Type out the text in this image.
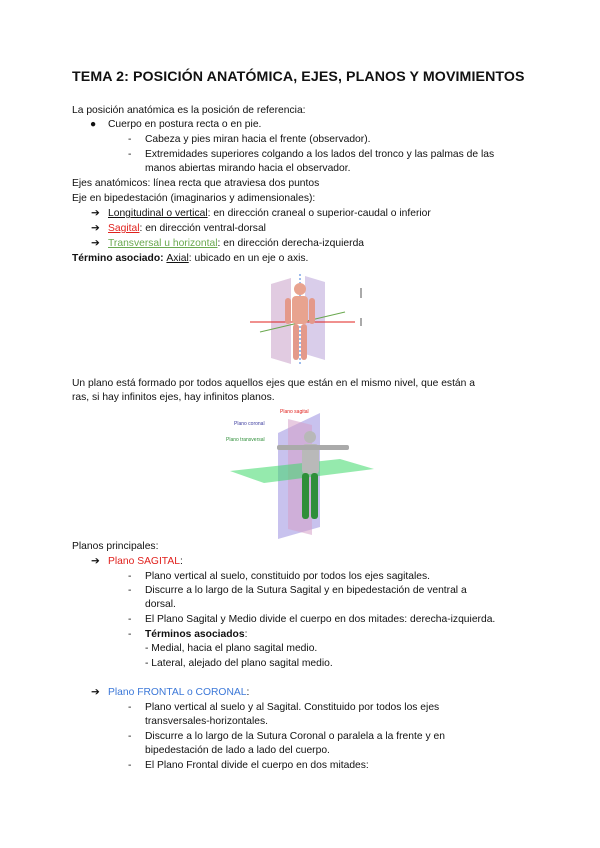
TEMA 2: POSICIÓN ANATÓMICA, EJES, PLANOS Y MOVIMIENTOS
La posición anatómica es la posición de referencia:
● Cuerpo en postura recta o en pie.
- Cabeza y pies miran hacia el frente (observador).
- Extremidades superiores colgando a los lados del tronco y las palmas de las
manos abiertas mirando hacia el observador.
Ejes anatómicos: línea recta que atraviesa dos puntos
Eje en bipedestación (imaginarios y adimensionales):
➔ Longitudinal o vertical: en dirección craneal o superior-caudal o inferior
➔ Sagital: en dirección ventral-dorsal
➔ Transversal u horizontal: en dirección derecha-izquierda
Término asociado: Axial: ubicado en un eje o axis.
Un plano está formado por todos aquellos ejes que están en el mismo nivel, que están a
ras, si hay infinitos ejes, hay infinitos planos.
Plano sagital
Plano coronal
Plano transversal
Planos principales:
➔ Plano SAGITAL:
- Plano vertical al suelo, constituido por todos los ejes sagitales.
- Discurre a lo largo de la Sutura Sagital y en bipedestación de ventral a
dorsal.
- El Plano Sagital y Medio divide el cuerpo en dos mitades: derecha-izquierda.
- Términos asociados:
- Medial, hacia el plano sagital medio.
- Lateral, alejado del plano sagital medio.
➔ Plano FRONTAL o CORONAL:
- Plano vertical al suelo y al Sagital. Constituido por todos los ejes
transversales-horizontales.
- Discurre a lo largo de la Sutura Coronal o paralela a la frente y en
bipedestación de lado a lado del cuerpo.
- El Plano Frontal divide el cuerpo en dos mitades:
